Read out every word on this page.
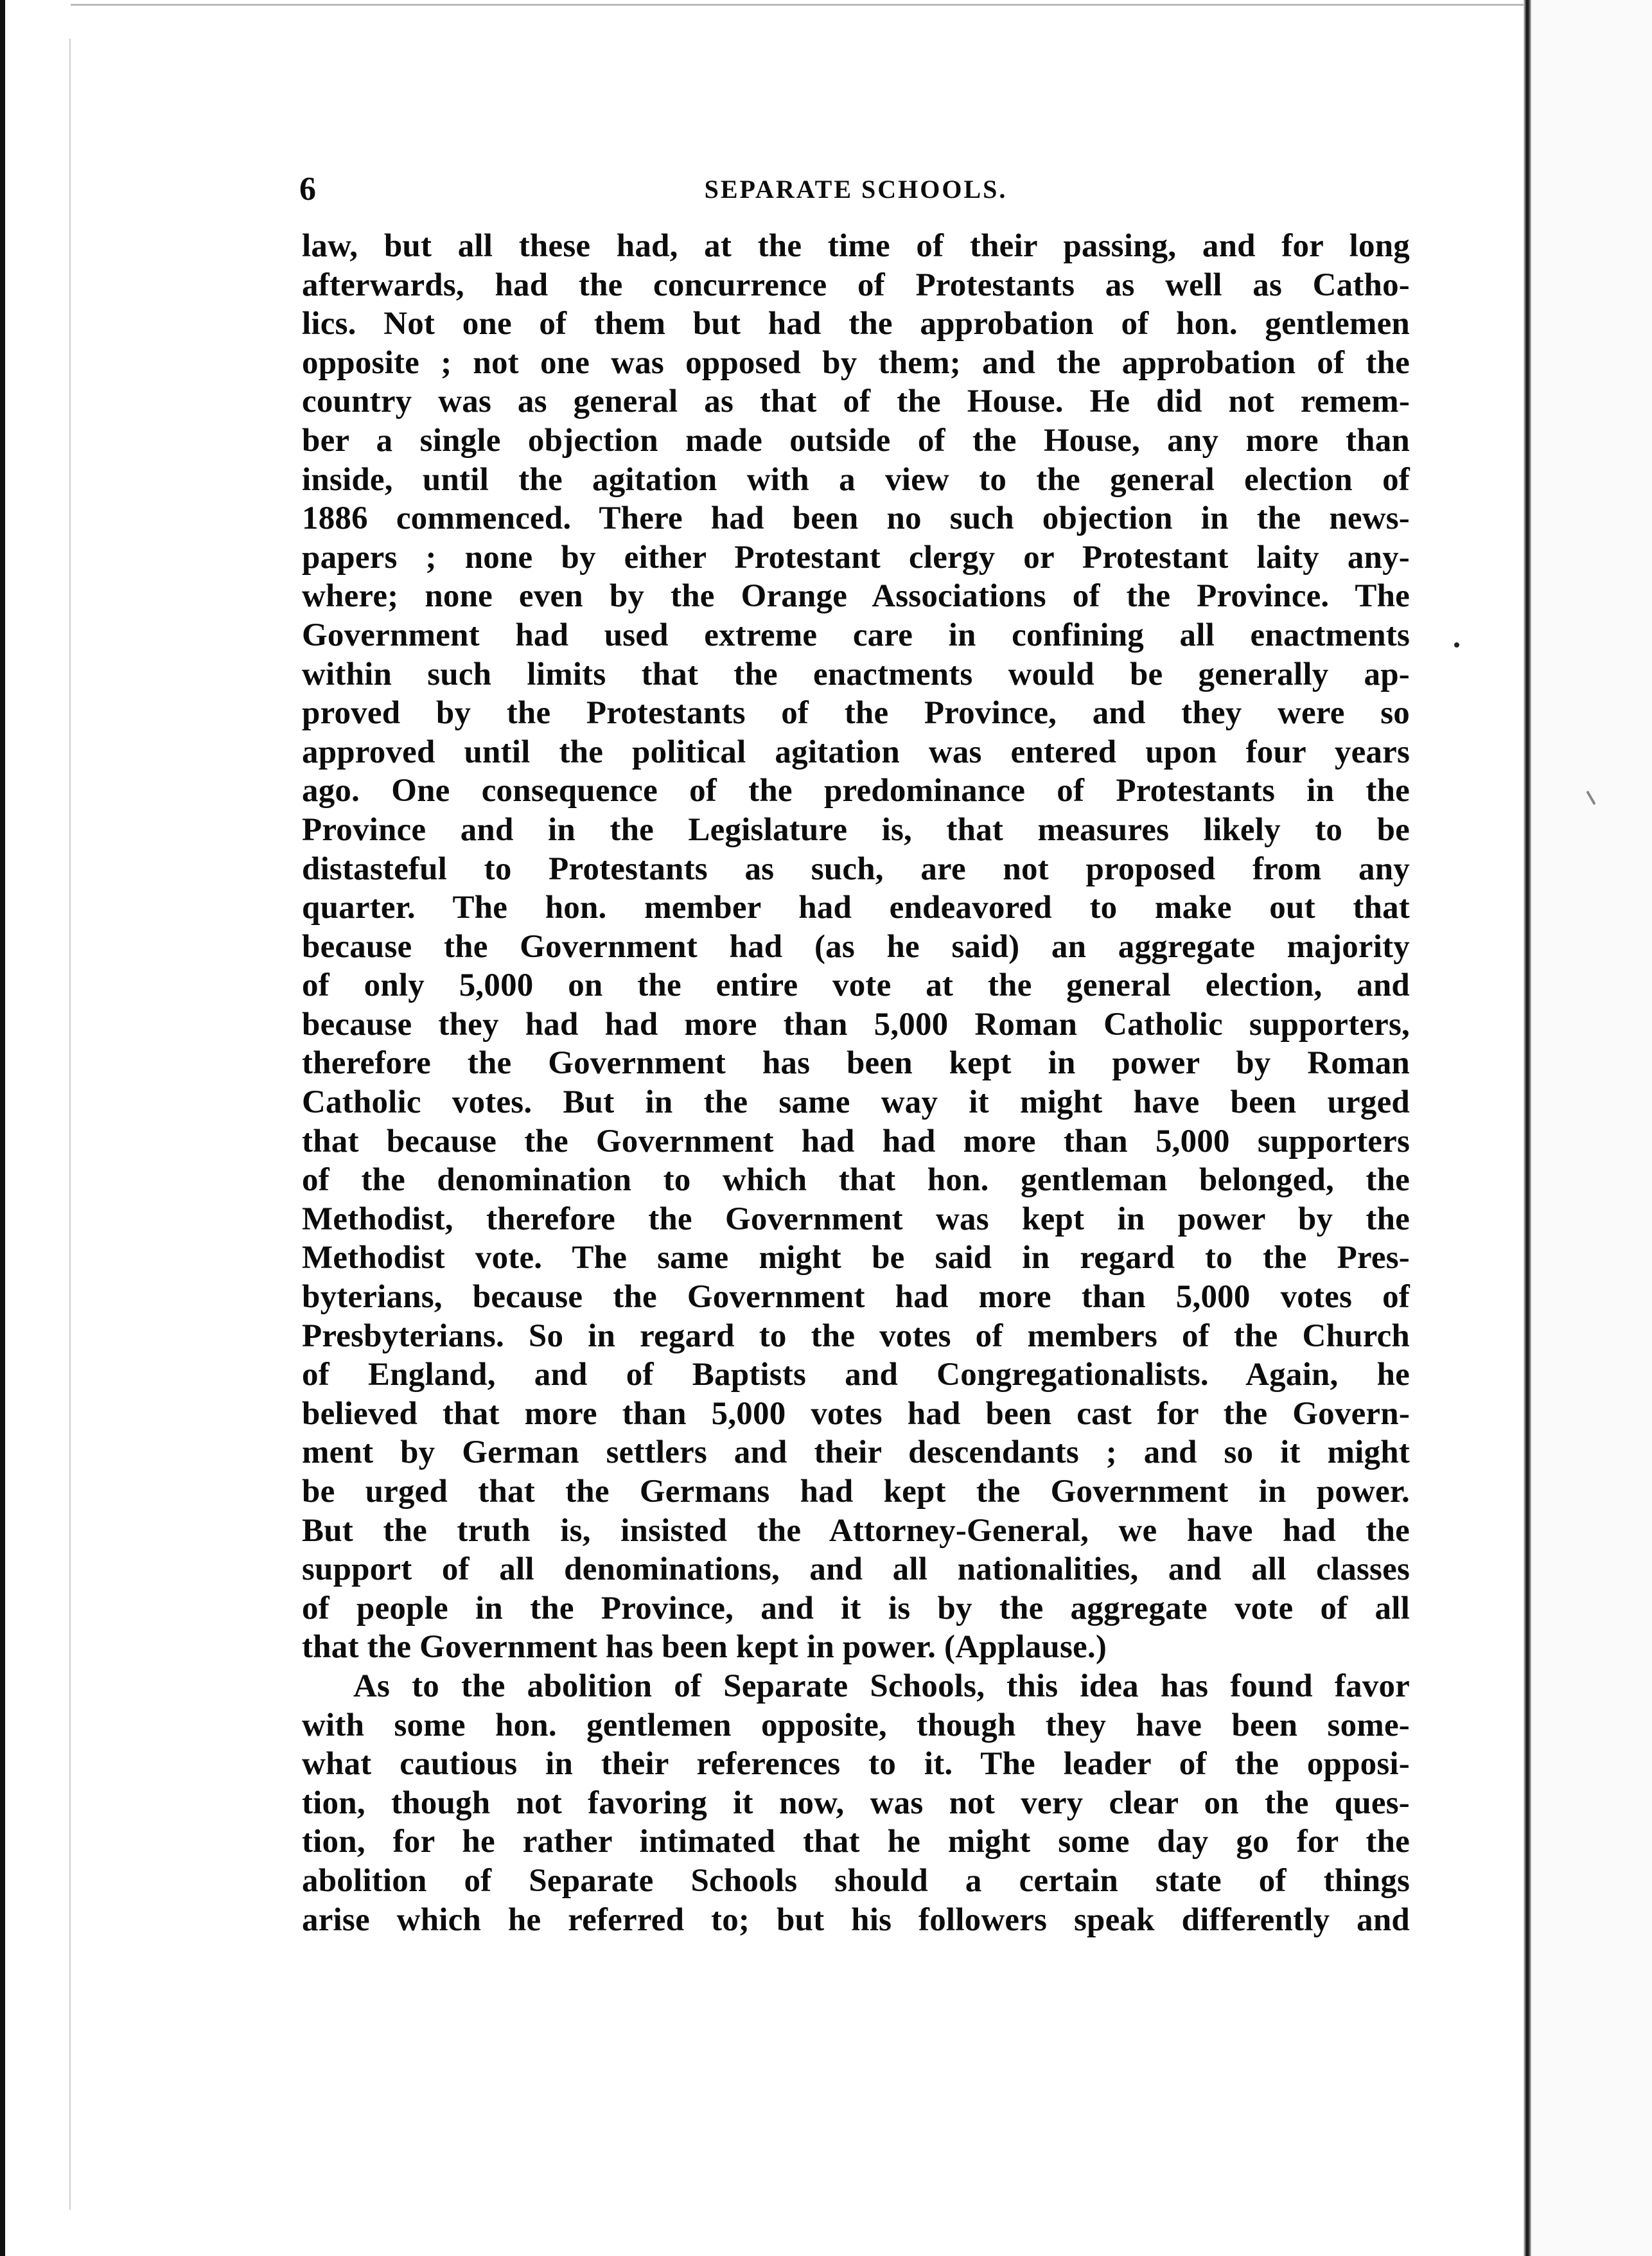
6	SEPARATE SCHOOLS.
law, but all these had, at the time of their passing, and for long
afterwards, had the concurrence of Protestants as well as Catho-
lics. Not one of them but had the approbation of hon. gentlemen
opposite ; not one was opposed by them; and the approbation of the
country was as general as that of the House. He did not remem-
ber a single objection made outside of the House, any more than
inside, until the agitation with a view to the general election of
1886 commenced. There had been no such objection in the news-
papers ; none by either Protestant clergy or Protestant laity any-
where; none even by the Orange Associations of the Province. The
Government had used extreme care in confining all enactments
within such limits that the enactments would be generally ap-
proved by the Protestants of the Province, and they were so
approved until the political agitation was entered upon four years
ago. One consequence of the predominance of Protestants in the
Province and in the Legislature is, that measures likely to be
distasteful to Protestants as such, are not proposed from any
quarter. The hon. member had endeavored to make out that
because the Government had (as he said) an aggregate majority
of only 5,000 on the entire vote at the general election, and
because they had had more than 5,000 Roman Catholic supporters,
therefore the Government has been kept in power by Roman
Catholic votes. But in the same way it might have been urged
that because the Government had had more than 5,000 supporters
of the denomination to which that hon. gentleman belonged, the
Methodist, therefore the Government was kept in power by the
Methodist vote. The same might be said in regard to the Pres-
byterians, because the Government had more than 5,000 votes of
Presbyterians. So in regard to the votes of members of the Church
of England, and of Baptists and Congregationalists. Again, he
believed that more than 5,000 votes had been cast for the Govern-
ment by German settlers and their descendants ; and so it might
be urged that the Germans had kept the Government in power.
But the truth is, insisted the Attorney-General, we have had the
support of all denominations, and all nationalities, and all classes
of people in the Province, and it is by the aggregate vote of all
that the Government has been kept in power. (Applause.)
As to the abolition of Separate Schools, this idea has found favor
with some hon. gentlemen opposite, though they have been some-
what cautious in their references to it. The leader of the opposi-
tion, though not favoring it now, was not very clear on the ques-
tion, for he rather intimated that he might some day go for the
abolition of Separate Schools should a certain state of things
arise which he referred to; but his followers speak differently and
